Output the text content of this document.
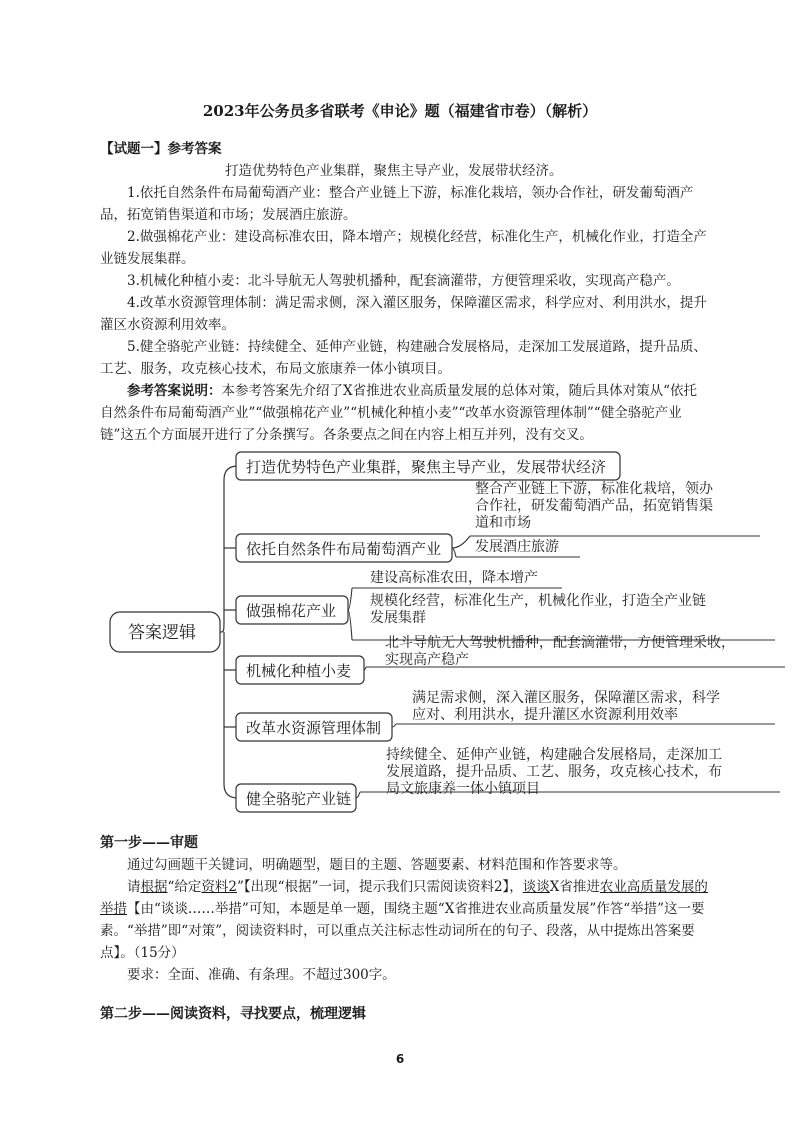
2023年公务员多省联考《申论》题（福建省市卷）（解析）
【试题一】参考答案

打造优势特色产业集群，聚焦主导产业，发展带状经济。

1.依托自然条件布局葡萄酒产业：整合产业链上下游，标准化栽培，领办合作社，研发葡萄酒产品，拓宽销售渠道和市场；发展酒庄旅游。

2.做强棉花产业：建设高标准农田，降本增产；规模化经营，标准化生产，机械化作业，打造全产业链发展集群。

3.机械化种植小麦：北斗导航无人驾驶机播种，配套滴灌带，方便管理采收，实现高产稳产。

4.改革水资源管理体制：满足需求侧，深入灌区服务，保障灌区需求，科学应对、利用洪水，提升灌区水资源利用效率。

5.健全骆驼产业链：持续健全、延伸产业链，构建融合发展格局，走深加工发展道路，提升品质、工艺、服务，攻克核心技术，布局文旅康养一体小镇项目。

参考答案说明：本参考答案先介绍了X省推进农业高质量发展的总体对策，随后具体对策从“依托自然条件布局葡萄酒产业”“做强棉花产业”“机械化种植小麦”“改革水资源管理体制”“健全骆驼产业链”这五个方面展开进行了分条撰写。各条要点之间在内容上相互并列，没有交叉。

答案逻辑
打造优势特色产业集群，聚焦主导产业，发展带状经济
依托自然条件布局葡萄酒产业
做强棉花产业
机械化种植小麦
改革水资源管理体制
健全骆驼产业链
整合产业链上下游，标准化栽培，领办
合作社，研发葡萄酒产品，拓宽销售渠
道和市场
发展酒庄旅游
建设高标准农田，降本增产
规模化经营，标准化生产，机械化作业，打造全产业链
发展集群
北斗导航无人驾驶机播种，配套滴灌带，方便管理采收，
实现高产稳产
满足需求侧，深入灌区服务，保障灌区需求，科学
应对、利用洪水，提升灌区水资源利用效率
持续健全、延伸产业链，构建融合发展格局，走深加工
发展道路，提升品质、工艺、服务，攻克核心技术，布
局文旅康养一体小镇项目
第一步——审题

通过勾画题干关键词，明确题型，题目的主题、答题要素、材料范围和作答要求等。

请根据“给定资料2”【出现“根据”一词，提示我们只需阅读资料2】，谈谈X省推进农业高质量发展的举措【由“谈谈……举措”可知，本题是单一题，围绕主题“X省推进农业高质量发展”作答“举措”这一要素。“举措”即“对策”，阅读资料时，可以重点关注标志性动词所在的句子、段落，从中提炼出答案要点】。（15分）

要求：全面、准确、有条理。不超过300字。

第二步——阅读资料，寻找要点，梳理逻辑
6
